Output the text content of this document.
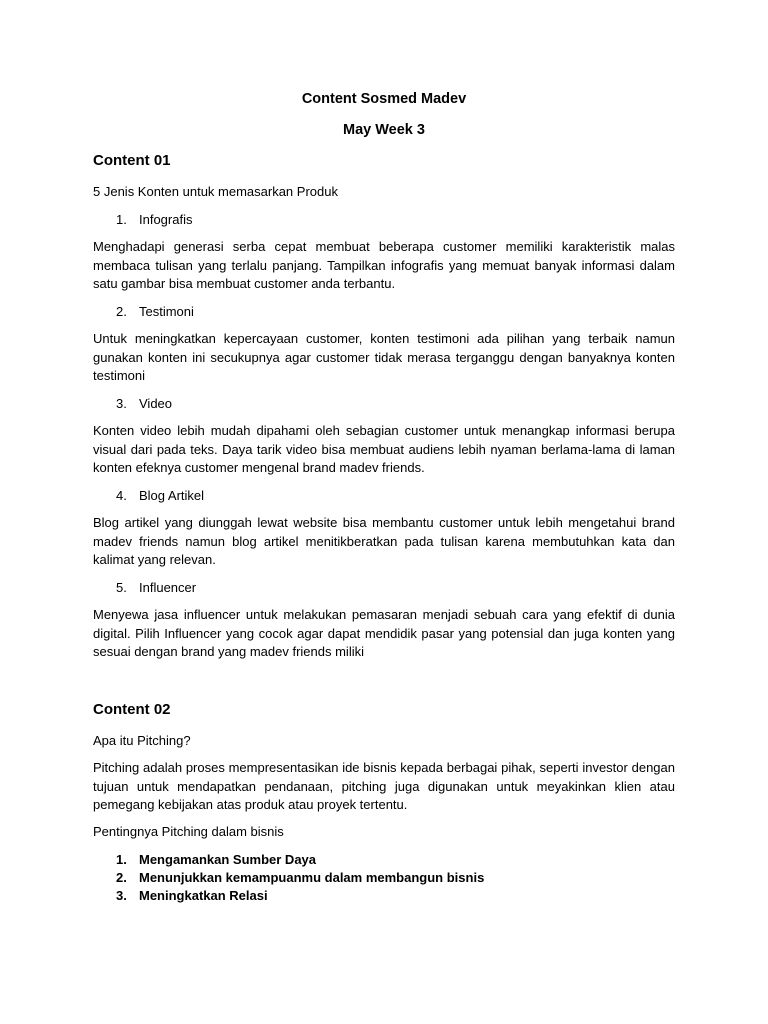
Content Sosmed Madev

May Week 3

Content 01

5 Jenis Konten untuk memasarkan Produk

1. Infografis

Menghadapi generasi serba cepat membuat beberapa customer memiliki karakteristik malas membaca tulisan yang terlalu panjang. Tampilkan infografis yang memuat banyak informasi dalam satu gambar bisa membuat customer anda terbantu.

2. Testimoni

Untuk meningkatkan kepercayaan customer, konten testimoni ada pilihan yang terbaik namun gunakan konten ini secukupnya agar customer tidak merasa terganggu dengan banyaknya konten testimoni

3. Video

Konten video lebih mudah dipahami oleh sebagian customer untuk menangkap informasi berupa visual dari pada teks. Daya tarik video bisa membuat audiens lebih nyaman berlama-lama di laman konten efeknya customer mengenal brand madev friends.

4. Blog Artikel

Blog artikel yang diunggah lewat website bisa membantu customer untuk lebih mengetahui brand madev friends namun blog artikel menitikberatkan pada tulisan karena membutuhkan kata dan kalimat yang relevan.

5. Influencer

Menyewa jasa influencer untuk melakukan pemasaran menjadi sebuah cara yang efektif di dunia digital. Pilih Influencer yang cocok agar dapat mendidik pasar yang potensial dan juga konten yang sesuai dengan brand yang madev friends miliki

Content 02

Apa itu Pitching?

Pitching adalah proses mempresentasikan ide bisnis kepada berbagai pihak, seperti investor dengan tujuan untuk mendapatkan pendanaan, pitching juga digunakan untuk meyakinkan klien atau pemegang kebijakan atas produk atau proyek tertentu.

Pentingnya Pitching dalam bisnis

1. Mengamankan Sumber Daya

2. Menunjukkan kemampuanmu dalam membangun bisnis

3. Meningkatkan Relasi
